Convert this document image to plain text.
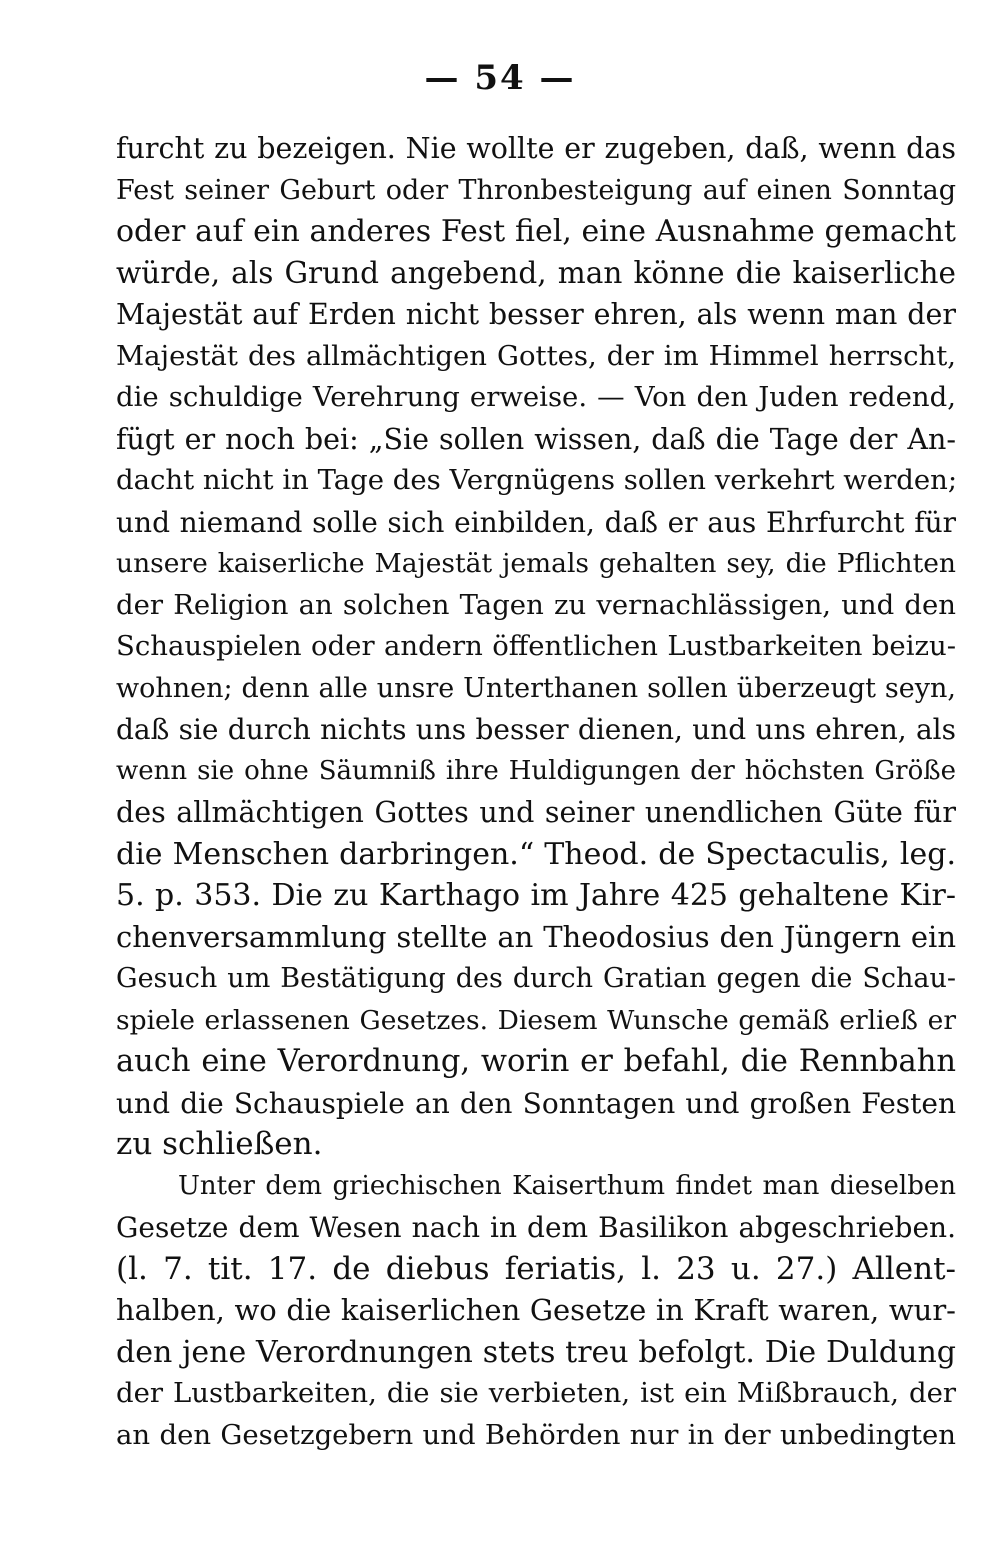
— 54 —
furcht zu bezeigen. Nie wollte er zugeben, daß, wenn das
Fest seiner Geburt oder Thronbesteigung auf einen Sonntag
oder auf ein anderes Fest fiel, eine Ausnahme gemacht
würde, als Grund angebend, man könne die kaiserliche
Majestät auf Erden nicht besser ehren, als wenn man der
Majestät des allmächtigen Gottes, der im Himmel herrscht,
die schuldige Verehrung erweise. — Von den Juden redend,
fügt er noch bei: „Sie sollen wissen, daß die Tage der An-
dacht nicht in Tage des Vergnügens sollen verkehrt werden;
und niemand solle sich einbilden, daß er aus Ehrfurcht für
unsere kaiserliche Majestät jemals gehalten sey, die Pflichten
der Religion an solchen Tagen zu vernachlässigen, und den
Schauspielen oder andern öffentlichen Lustbarkeiten beizu-
wohnen; denn alle unsre Unterthanen sollen überzeugt seyn,
daß sie durch nichts uns besser dienen, und uns ehren, als
wenn sie ohne Säumniß ihre Huldigungen der höchsten Größe
des allmächtigen Gottes und seiner unendlichen Güte für
die Menschen darbringen.“ Theod. de Spectaculis, leg.
5. p. 353. Die zu Karthago im Jahre 425 gehaltene Kir-
chenversammlung stellte an Theodosius den Jüngern ein
Gesuch um Bestätigung des durch Gratian gegen die Schau-
spiele erlassenen Gesetzes. Diesem Wunsche gemäß erließ er
auch eine Verordnung, worin er befahl, die Rennbahn
und die Schauspiele an den Sonntagen und großen Festen
zu schließen.
Unter dem griechischen Kaiserthum findet man dieselben
Gesetze dem Wesen nach in dem Basilikon abgeschrieben.
(l. 7. tit. 17. de diebus feriatis, l. 23 u. 27.) Allent-
halben, wo die kaiserlichen Gesetze in Kraft waren, wur-
den jene Verordnungen stets treu befolgt. Die Duldung
der Lustbarkeiten, die sie verbieten, ist ein Mißbrauch, der
an den Gesetzgebern und Behörden nur in der unbedingten
